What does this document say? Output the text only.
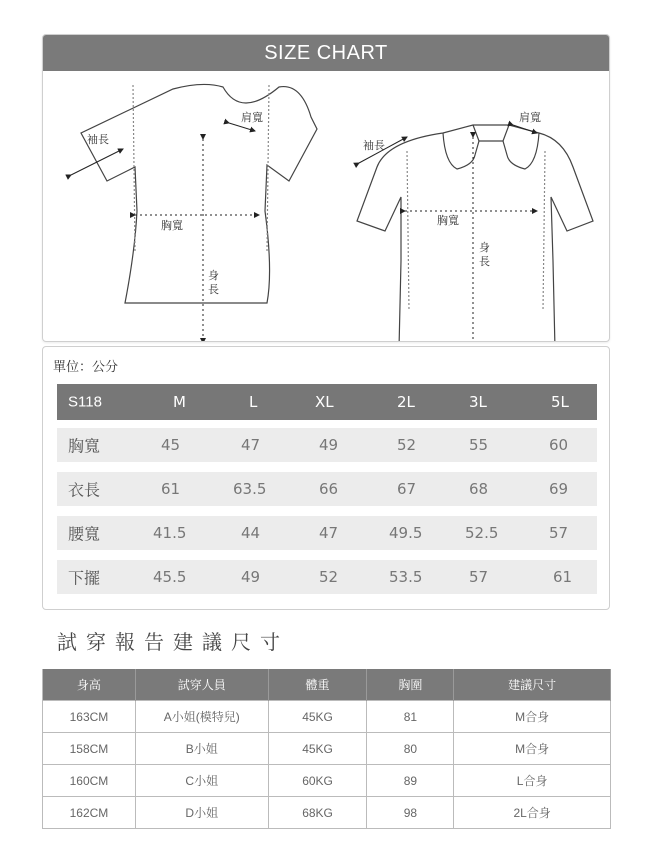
SIZE CHART
袖長
肩寬
胸寬
身
長
袖長
肩寬
胸寬
身
長
單位：公分
S118	M	L	XL	2L	3L	5L
胸寬	45	47	49	52	55	60
衣長	61	63.5	66	67	68	69
腰寬	41.5	44	47	49.5	52.5	57
下擺	45.5	49	52	53.5	57	61
試穿報告建議尺寸
身高	試穿人員	體重	胸圍	建議尺寸
163CM	A小姐(模特兒)	45KG	81	M合身
158CM	B小姐	45KG	80	M合身
160CM	C小姐	60KG	89	L合身
162CM	D小姐	68KG	98	2L合身
